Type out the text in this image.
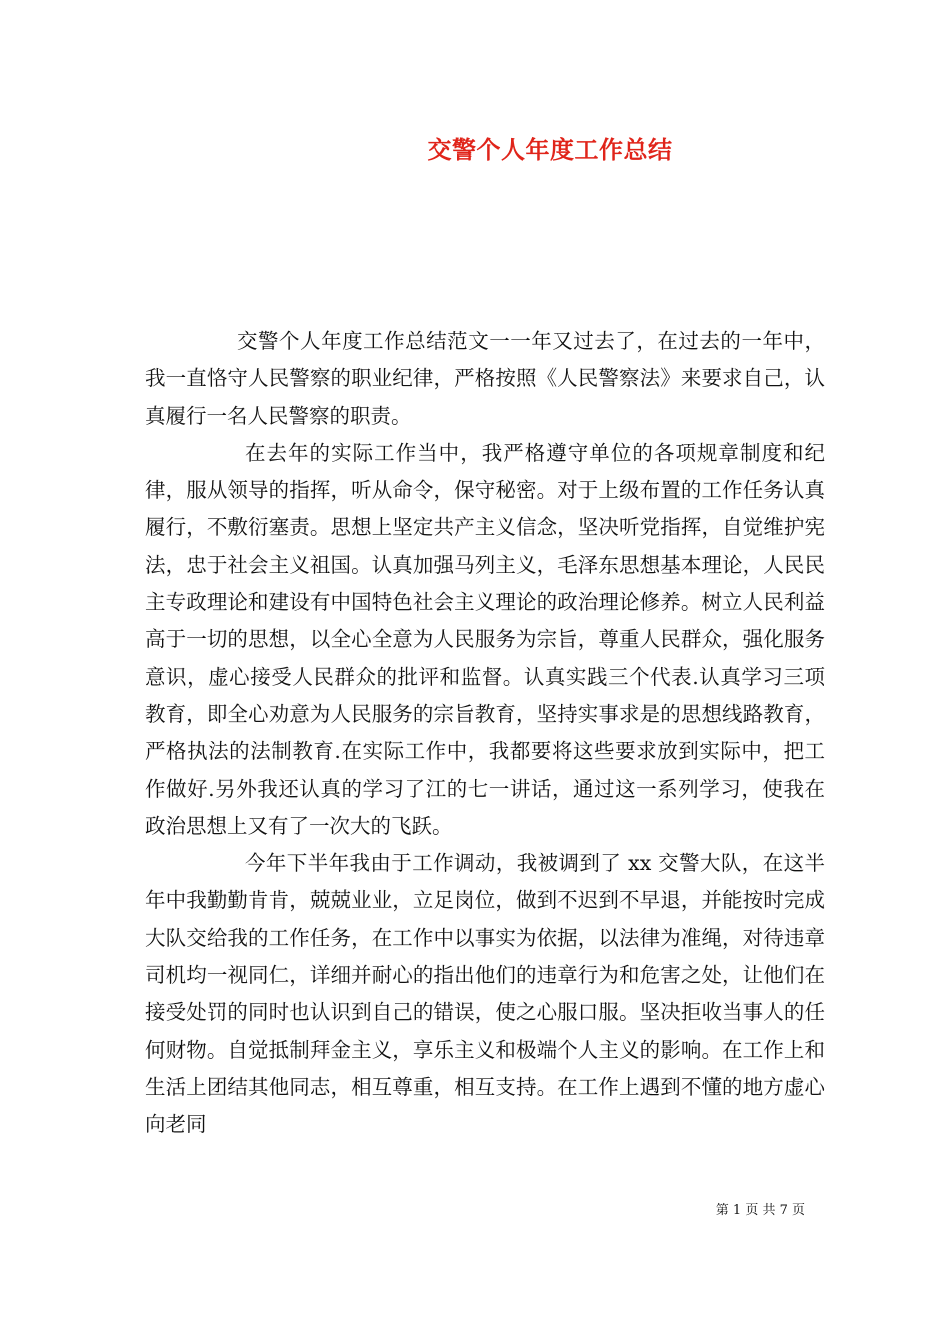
交警个人年度工作总结

交警个人年度工作总结范文一一年又过去了，在过去的一年中，我一直恪守人民警察的职业纪律，严格按照《人民警察法》来要求自己，认真履行一名人民警察的职责。

在去年的实际工作当中，我严格遵守单位的各项规章制度和纪律，服从领导的指挥，听从命令，保守秘密。对于上级布置的工作任务认真履行，不敷衍塞责。思想上坚定共产主义信念，坚决听党指挥，自觉维护宪法，忠于社会主义祖国。认真加强马列主义，毛泽东思想基本理论，人民民主专政理论和建设有中国特色社会主义理论的政治理论修养。树立人民利益高于一切的思想，以全心全意为人民服务为宗旨，尊重人民群众，强化服务意识，虚心接受人民群众的批评和监督。认真实践三个代表.认真学习三项教育，即全心劝意为人民服务的宗旨教育，坚持实事求是的思想线路教育，严格执法的法制教育.在实际工作中，我都要将这些要求放到实际中，把工作做好.另外我还认真的学习了江的七一讲话，通过这一系列学习，使我在政治思想上又有了一次大的飞跃。

今年下半年我由于工作调动，我被调到了 xx 交警大队，在这半年中我勤勤肯肯，兢兢业业，立足岗位，做到不迟到不早退，并能按时完成大队交给我的工作任务，在工作中以事实为依据，以法律为准绳，对待违章司机均一视同仁，详细并耐心的指出他们的违章行为和危害之处，让他们在接受处罚的同时也认识到自己的错误，使之心服口服。坚决拒收当事人的任何财物。自觉抵制拜金主义，享乐主义和极端个人主义的影响。在工作上和生活上团结其他同志，相互尊重，相互支持。在工作上遇到不懂的地方虚心向老同

第 1 页 共 7 页
